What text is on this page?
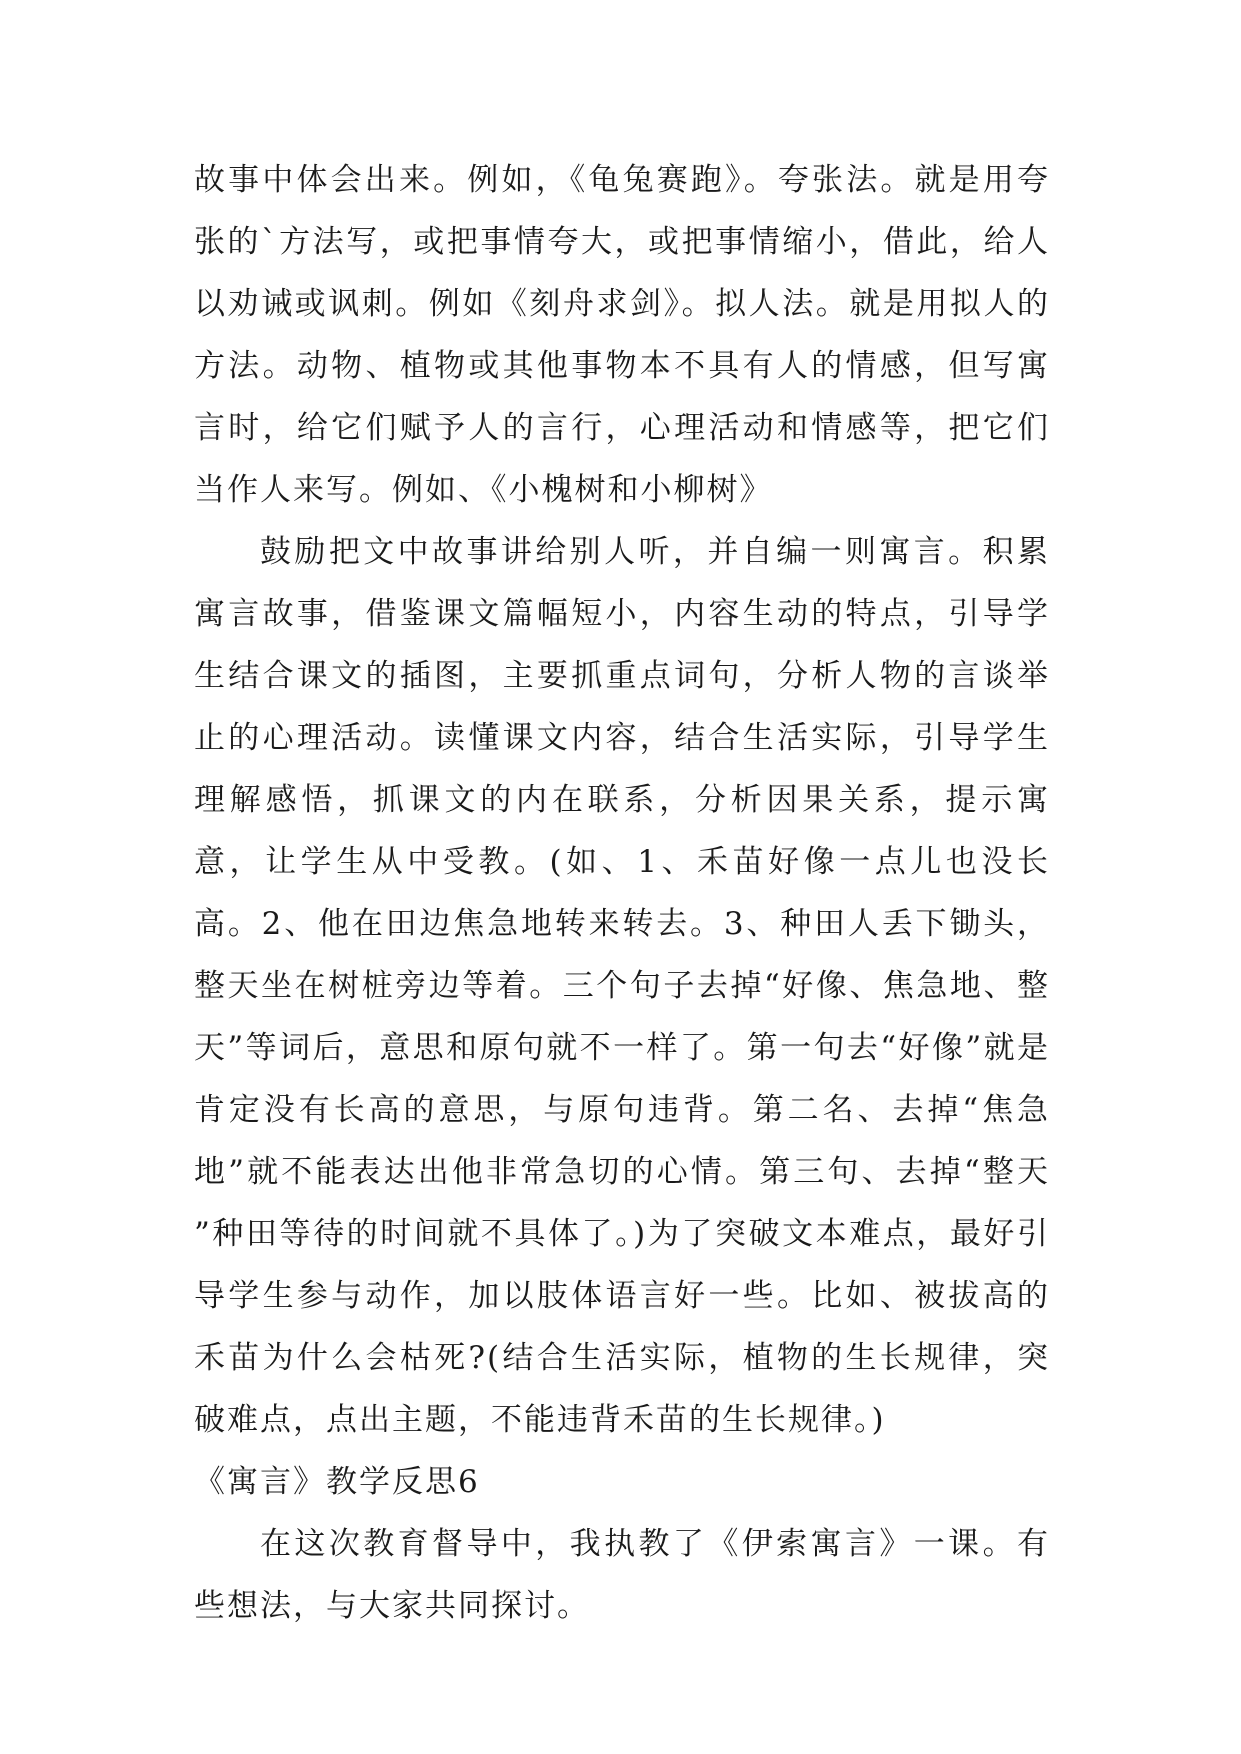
故事中体会出来。例如，《龟兔赛跑》。夸张法。就是用夸张的`方法写，或把事情夸大，或把事情缩小，借此，给人以劝诫或讽刺。例如《刻舟求剑》。拟人法。就是用拟人的方法。动物、植物或其他事物本不具有人的情感，但写寓言时，给它们赋予人的言行，心理活动和情感等，把它们当作人来写。例如、《小槐树和小柳树》

鼓励把文中故事讲给别人听，并自编一则寓言。积累寓言故事，借鉴课文篇幅短小，内容生动的特点，引导学生结合课文的插图，主要抓重点词句，分析人物的言谈举止的心理活动。读懂课文内容，结合生活实际，引导学生理解感悟，抓课文的内在联系，分析因果关系，提示寓意，让学生从中受教。(如、1、禾苗好像一点儿也没长高。2、他在田边焦急地转来转去。3、种田人丢下锄头，整天坐在树桩旁边等着。三个句子去掉“好像、焦急地、整天”等词后，意思和原句就不一样了。第一句去“好像”就是肯定没有长高的意思，与原句违背。第二名、去掉“焦急地”就不能表达出他非常急切的心情。第三句、去掉“整天 ”种田等待的时间就不具体了。)为了突破文本难点，最好引导学生参与动作，加以肢体语言好一些。比如、被拔高的禾苗为什么会枯死?(结合生活实际，植物的生长规律，突破难点，点出主题，不能违背禾苗的生长规律。)

《寓言》教学反思6

在这次教育督导中，我执教了《伊索寓言》一课。有些想法，与大家共同探讨。
